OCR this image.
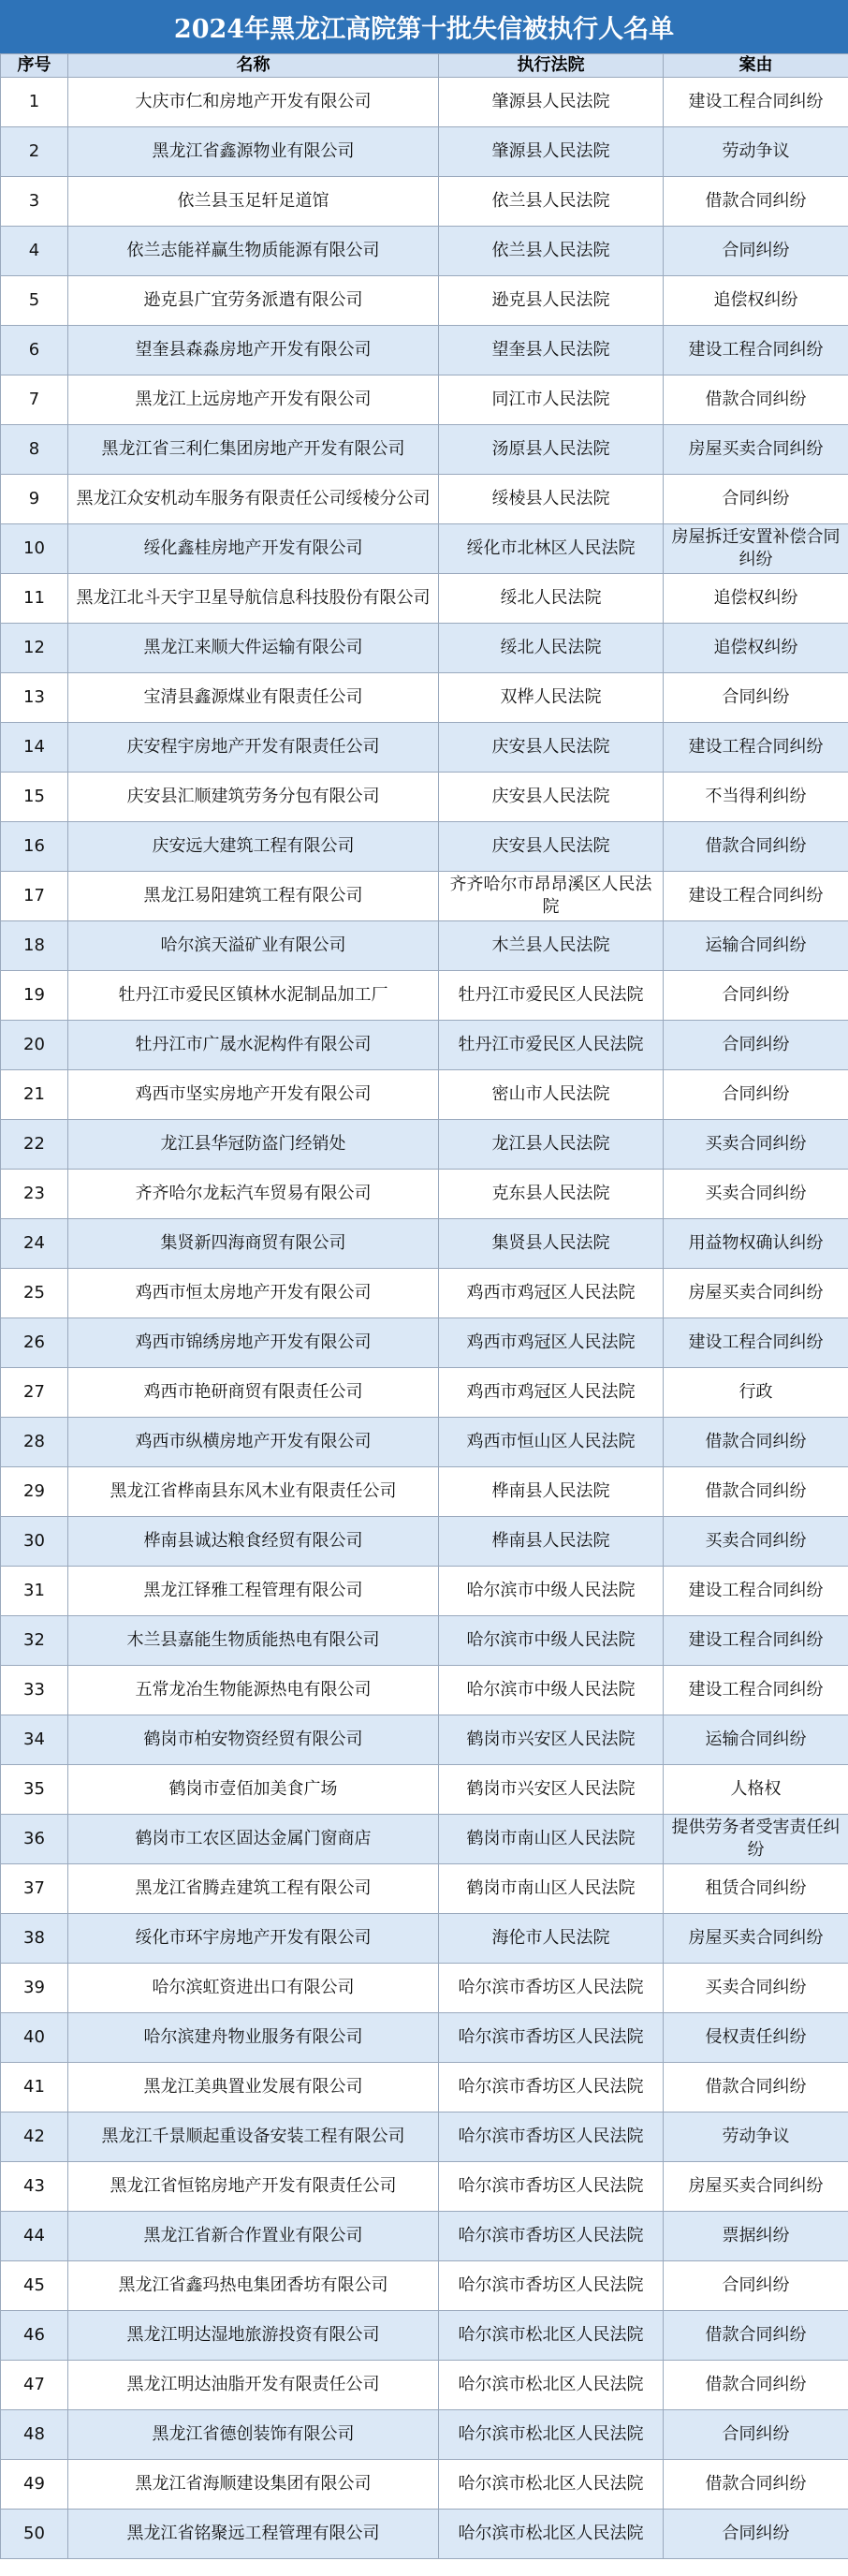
2024年黑龙江高院第十批失信被执行人名单
序号	名称	执行法院	案由
1	大庆市仁和房地产开发有限公司	肇源县人民法院	建设工程合同纠纷
2	黑龙江省鑫源物业有限公司	肇源县人民法院	劳动争议
3	依兰县玉足轩足道馆	依兰县人民法院	借款合同纠纷
4	依兰志能祥赢生物质能源有限公司	依兰县人民法院	合同纠纷
5	逊克县广宜劳务派遣有限公司	逊克县人民法院	追偿权纠纷
6	望奎县森淼房地产开发有限公司	望奎县人民法院	建设工程合同纠纷
7	黑龙江上远房地产开发有限公司	同江市人民法院	借款合同纠纷
8	黑龙江省三利仁集团房地产开发有限公司	汤原县人民法院	房屋买卖合同纠纷
9	黑龙江众安机动车服务有限责任公司绥棱分公司	绥棱县人民法院	合同纠纷
10	绥化鑫桂房地产开发有限公司	绥化市北林区人民法院	房屋拆迁安置补偿合同纠纷
11	黑龙江北斗天宇卫星导航信息科技股份有限公司	绥北人民法院	追偿权纠纷
12	黑龙江来顺大件运输有限公司	绥北人民法院	追偿权纠纷
13	宝清县鑫源煤业有限责任公司	双桦人民法院	合同纠纷
14	庆安程宇房地产开发有限责任公司	庆安县人民法院	建设工程合同纠纷
15	庆安县汇顺建筑劳务分包有限公司	庆安县人民法院	不当得利纠纷
16	庆安远大建筑工程有限公司	庆安县人民法院	借款合同纠纷
17	黑龙江易阳建筑工程有限公司	齐齐哈尔市昂昂溪区人民法院	建设工程合同纠纷
18	哈尔滨天溢矿业有限公司	木兰县人民法院	运输合同纠纷
19	牡丹江市爱民区镇林水泥制品加工厂	牡丹江市爱民区人民法院	合同纠纷
20	牡丹江市广晟水泥构件有限公司	牡丹江市爱民区人民法院	合同纠纷
21	鸡西市坚实房地产开发有限公司	密山市人民法院	合同纠纷
22	龙江县华冠防盗门经销处	龙江县人民法院	买卖合同纠纷
23	齐齐哈尔龙耘汽车贸易有限公司	克东县人民法院	买卖合同纠纷
24	集贤新四海商贸有限公司	集贤县人民法院	用益物权确认纠纷
25	鸡西市恒太房地产开发有限公司	鸡西市鸡冠区人民法院	房屋买卖合同纠纷
26	鸡西市锦绣房地产开发有限公司	鸡西市鸡冠区人民法院	建设工程合同纠纷
27	鸡西市艳研商贸有限责任公司	鸡西市鸡冠区人民法院	行政
28	鸡西市纵横房地产开发有限公司	鸡西市恒山区人民法院	借款合同纠纷
29	黑龙江省桦南县东风木业有限责任公司	桦南县人民法院	借款合同纠纷
30	桦南县诚达粮食经贸有限公司	桦南县人民法院	买卖合同纠纷
31	黑龙江铎雅工程管理有限公司	哈尔滨市中级人民法院	建设工程合同纠纷
32	木兰县嘉能生物质能热电有限公司	哈尔滨市中级人民法院	建设工程合同纠纷
33	五常龙冶生物能源热电有限公司	哈尔滨市中级人民法院	建设工程合同纠纷
34	鹤岗市柏安物资经贸有限公司	鹤岗市兴安区人民法院	运输合同纠纷
35	鹤岗市壹佰加美食广场	鹤岗市兴安区人民法院	人格权
36	鹤岗市工农区固达金属门窗商店	鹤岗市南山区人民法院	提供劳务者受害责任纠纷
37	黑龙江省腾垚建筑工程有限公司	鹤岗市南山区人民法院	租赁合同纠纷
38	绥化市环宇房地产开发有限公司	海伦市人民法院	房屋买卖合同纠纷
39	哈尔滨虹资进出口有限公司	哈尔滨市香坊区人民法院	买卖合同纠纷
40	哈尔滨建舟物业服务有限公司	哈尔滨市香坊区人民法院	侵权责任纠纷
41	黑龙江美典置业发展有限公司	哈尔滨市香坊区人民法院	借款合同纠纷
42	黑龙江千景顺起重设备安装工程有限公司	哈尔滨市香坊区人民法院	劳动争议
43	黑龙江省恒铭房地产开发有限责任公司	哈尔滨市香坊区人民法院	房屋买卖合同纠纷
44	黑龙江省新合作置业有限公司	哈尔滨市香坊区人民法院	票据纠纷
45	黑龙江省鑫玛热电集团香坊有限公司	哈尔滨市香坊区人民法院	合同纠纷
46	黑龙江明达湿地旅游投资有限公司	哈尔滨市松北区人民法院	借款合同纠纷
47	黑龙江明达油脂开发有限责任公司	哈尔滨市松北区人民法院	借款合同纠纷
48	黑龙江省德创装饰有限公司	哈尔滨市松北区人民法院	合同纠纷
49	黑龙江省海顺建设集团有限公司	哈尔滨市松北区人民法院	借款合同纠纷
50	黑龙江省铭聚远工程管理有限公司	哈尔滨市松北区人民法院	合同纠纷
